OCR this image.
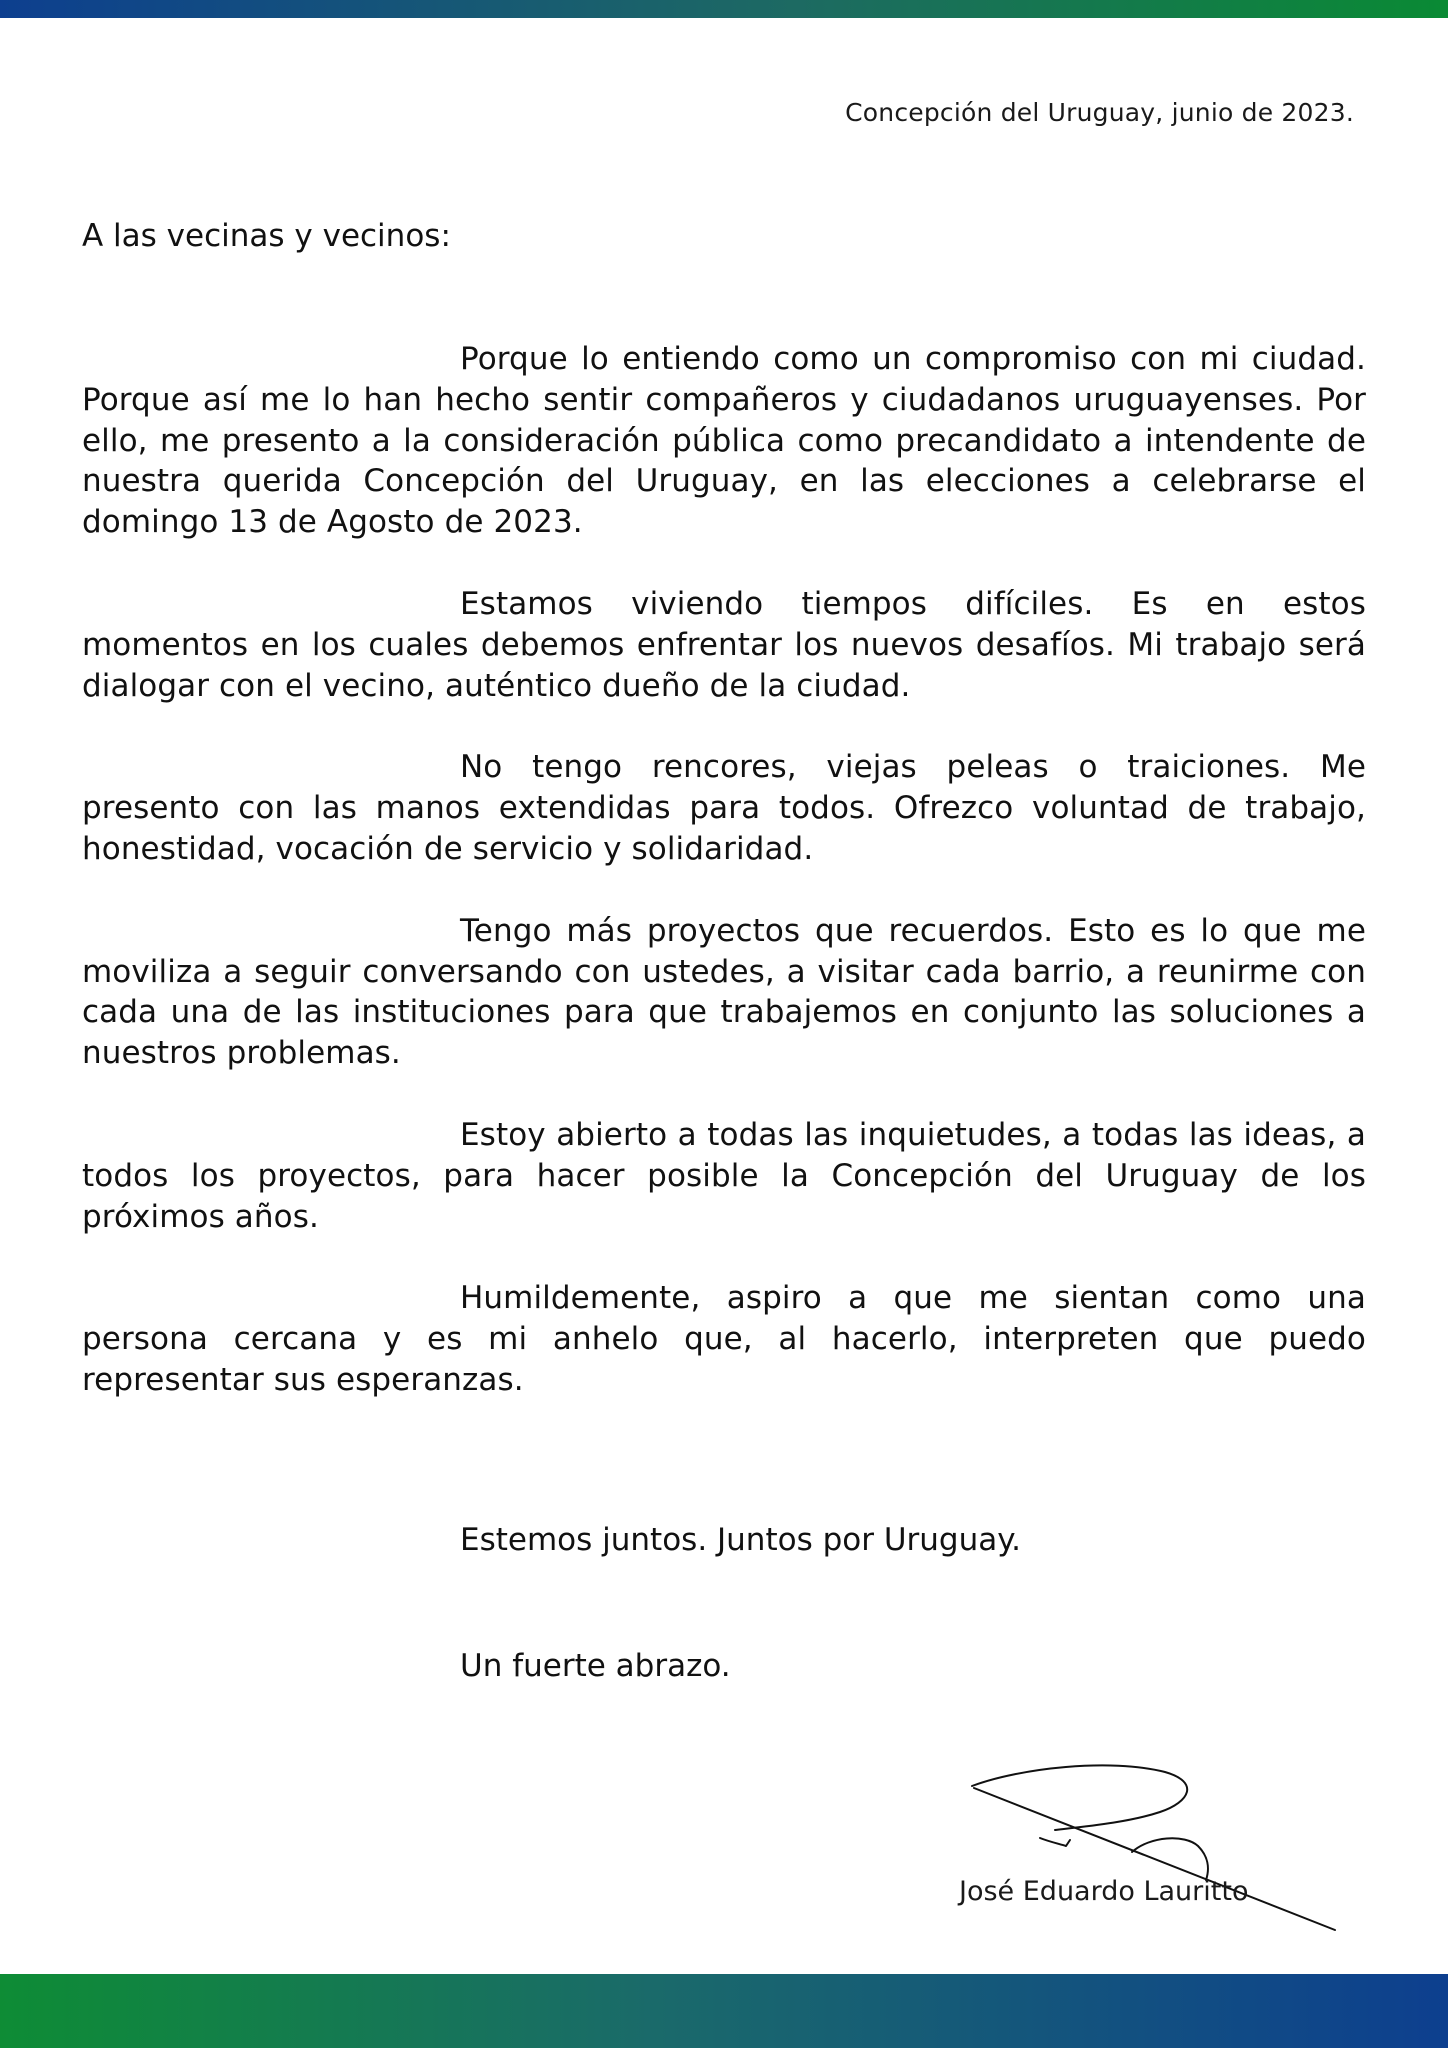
Concepción del Uruguay, junio de 2023.
A las vecinas y vecinos:

Porque lo entiendo como un compromiso con mi ciudad. Porque así me lo han hecho sentir compañeros y ciudadanos uruguayenses. Por ello, me presento a la consideración pública como precandidato a intendente de nuestra querida Concepción del Uruguay, en las elecciones a celebrarse el domingo 13 de Agosto de 2023.

Estamos viviendo tiempos difíciles. Es en estos momentos en los cuales debemos enfrentar los nuevos desafíos. Mi trabajo será dialogar con el vecino, auténtico dueño de la ciudad.

No tengo rencores, viejas peleas o traiciones. Me presento con las manos extendidas para todos. Ofrezco voluntad de trabajo, honestidad, vocación de servicio y solidaridad.

Tengo más proyectos que recuerdos. Esto es lo que me moviliza a seguir conversando con ustedes, a visitar cada barrio, a reunirme con cada una de las instituciones para que trabajemos en conjunto las soluciones a nuestros problemas.

Estoy abierto a todas las inquietudes, a todas las ideas, a todos los proyectos, para hacer posible la Concepción del Uruguay de los próximos años.

Humildemente, aspiro a que me sientan como una persona cercana y es mi anhelo que, al hacerlo, interpreten que puedo representar sus esperanzas.

Estemos juntos. Juntos por Uruguay.
Un fuerte abrazo.
José Eduardo Lauritto
